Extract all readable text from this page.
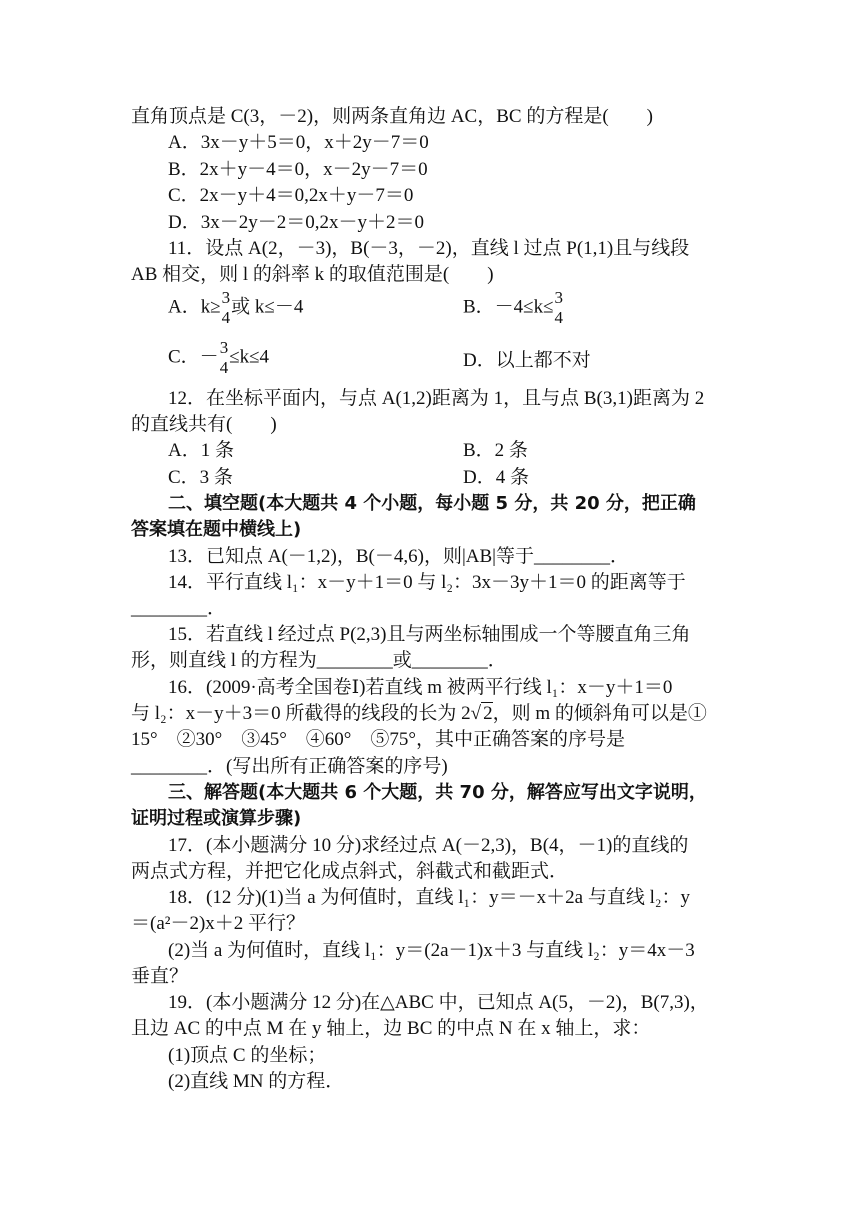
直角顶点是 C(3，－2)，则两条直角边 AC，BC 的方程是(　　)
A．3x－y＋5＝0，x＋2y－7＝0
B．2x＋y－4＝0，x－2y－7＝0
C．2x－y＋4＝0,2x＋y－7＝0
D．3x－2y－2＝0,2x－y＋2＝0
11．设点 A(2，－3)，B(－3，－2)，直线 l 过点 P(1,1)且与线段
AB 相交，则 l 的斜率 k 的取值范围是(　　)
A．k≥ 3
4
或 k≤－4	B．－4≤k≤ 3
4
C．－ 3
4
≤k≤4	D．以上都不对
12．在坐标平面内，与点 A(1,2)距离为 1，且与点 B(3,1)距离为 2
的直线共有(　　)
A．1 条	B．2 条
C．3 条	D．4 条
二、填空题(本大题共 4 个小题，每小题 5 分，共 20 分，把正确
答案填在题中横线上)
13．已知点 A(－1,2)，B(－4,6)，则|AB|等于________．
14．平行直线 l₁：x－y＋1＝0 与 l₂：3x－3y＋1＝0 的距离等于
________．
15．若直线 l 经过点 P(2,3)且与两坐标轴围成一个等腰直角三角
形，则直线 l 的方程为________或________．
16．(2009·高考全国卷Ⅰ)若直线 m 被两平行线 l₁：x－y＋1＝0
与 l₂：x－y＋3＝0 所截得的线段的长为 2√ 2，则 m 的倾斜角可以是①
15°　②30°　③45°　④60°　⑤75°，其中正确答案的序号是
________．(写出所有正确答案的序号)
三、解答题(本大题共 6 个大题，共 70 分，解答应写出文字说明，
证明过程或演算步骤)
17．(本小题满分 10 分)求经过点 A(－2,3)，B(4，－1)的直线的
两点式方程，并把它化成点斜式，斜截式和截距式．
18．(12 分)(1)当 a 为何值时，直线 l₁：y＝－x＋2a 与直线 l₂：y
＝(a²－2)x＋2 平行？
(2)当 a 为何值时，直线 l₁：y＝(2a－1)x＋3 与直线 l₂：y＝4x－3
垂直？
19．(本小题满分 12 分)在△ABC 中，已知点 A(5，－2)，B(7,3)，
且边 AC 的中点 M 在 y 轴上，边 BC 的中点 N 在 x 轴上，求：
(1)顶点 C 的坐标；
(2)直线 MN 的方程．
